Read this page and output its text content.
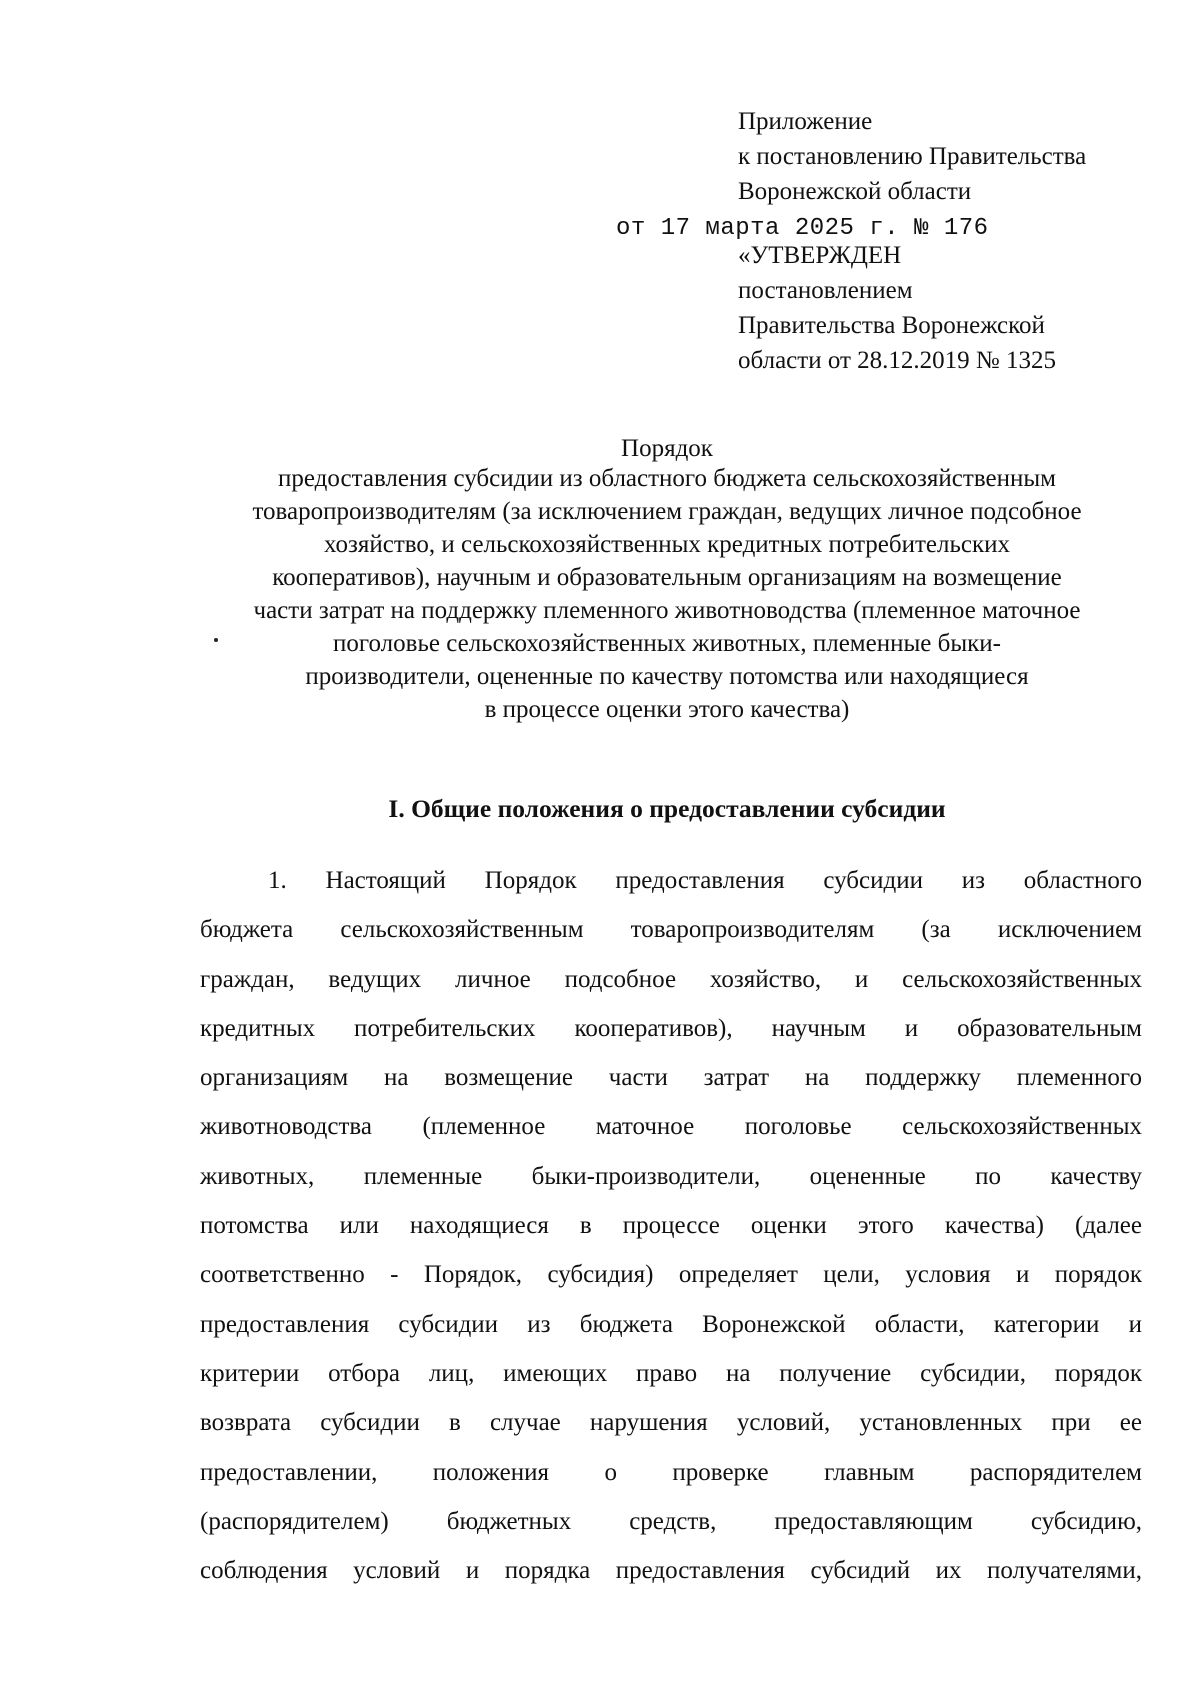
Приложение
к постановлению Правительства
Воронежской области
от 17 марта 2025 г. № 176
«УТВЕРЖДЕН
постановлением
Правительства Воронежской
области от 28.12.2019 № 1325
Порядок
предоставления субсидии из областного бюджета сельскохозяйственным
товаропроизводителям (за исключением граждан, ведущих личное подсобное
хозяйство, и сельскохозяйственных кредитных потребительских
кооперативов), научным и образовательным организациям на возмещение
части затрат на поддержку племенного животноводства (племенное маточное
поголовье сельскохозяйственных животных, племенные быки-
производители, оцененные по качеству потомства или находящиеся
в процессе оценки этого качества)
I. Общие положения о предоставлении субсидии
1. Настоящий Порядок предоставления субсидии из областного
бюджета сельскохозяйственным товаропроизводителям (за исключением
граждан, ведущих личное подсобное хозяйство, и сельскохозяйственных
кредитных потребительских кооперативов), научным и образовательным
организациям на возмещение части затрат на поддержку племенного
животноводства (племенное маточное поголовье сельскохозяйственных
животных, племенные быки-производители, оцененные по качеству
потомства или находящиеся в процессе оценки этого качества) (далее
соответственно - Порядок, субсидия) определяет цели, условия и порядок
предоставления субсидии из бюджета Воронежской области, категории и
критерии отбора лиц, имеющих право на получение субсидии, порядок
возврата субсидии в случае нарушения условий, установленных при ее
предоставлении, положения о проверке главным распорядителем
(распорядителем) бюджетных средств, предоставляющим субсидию,
соблюдения условий и порядка предоставления субсидий их получателями,
